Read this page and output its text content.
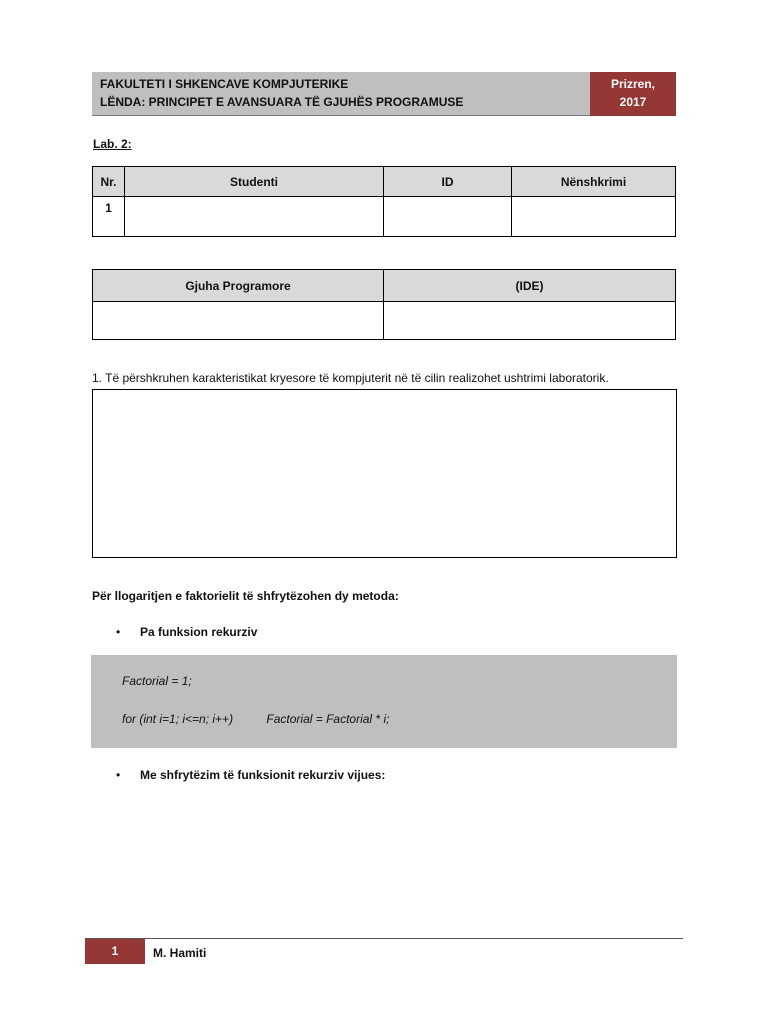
FAKULTETI I SHKENCAVE KOMPJUTERIKE
LËNDA: PRINCIPET E AVANSUARA TË GJUHËS PROGRAMUSE
Prizren,
2017
Lab. 2:
Nr.	Studenti	ID	Nënshkrimi
1			
Gjuha Programore	(IDE)

1. Të përshkruhen karakteristikat kryesore të kompjuterit në të cilin realizohet ushtrimi laboratorik.
Për llogaritjen e faktorielit të shfrytëzohen dy metoda:
•	Pa funksion rekurziv
Factorial = 1;
for (int i=1; i<=n; i++)          Factorial = Factorial * i;
•	Me shfrytëzim të funksionit rekurziv vijues:
1	M. Hamiti
